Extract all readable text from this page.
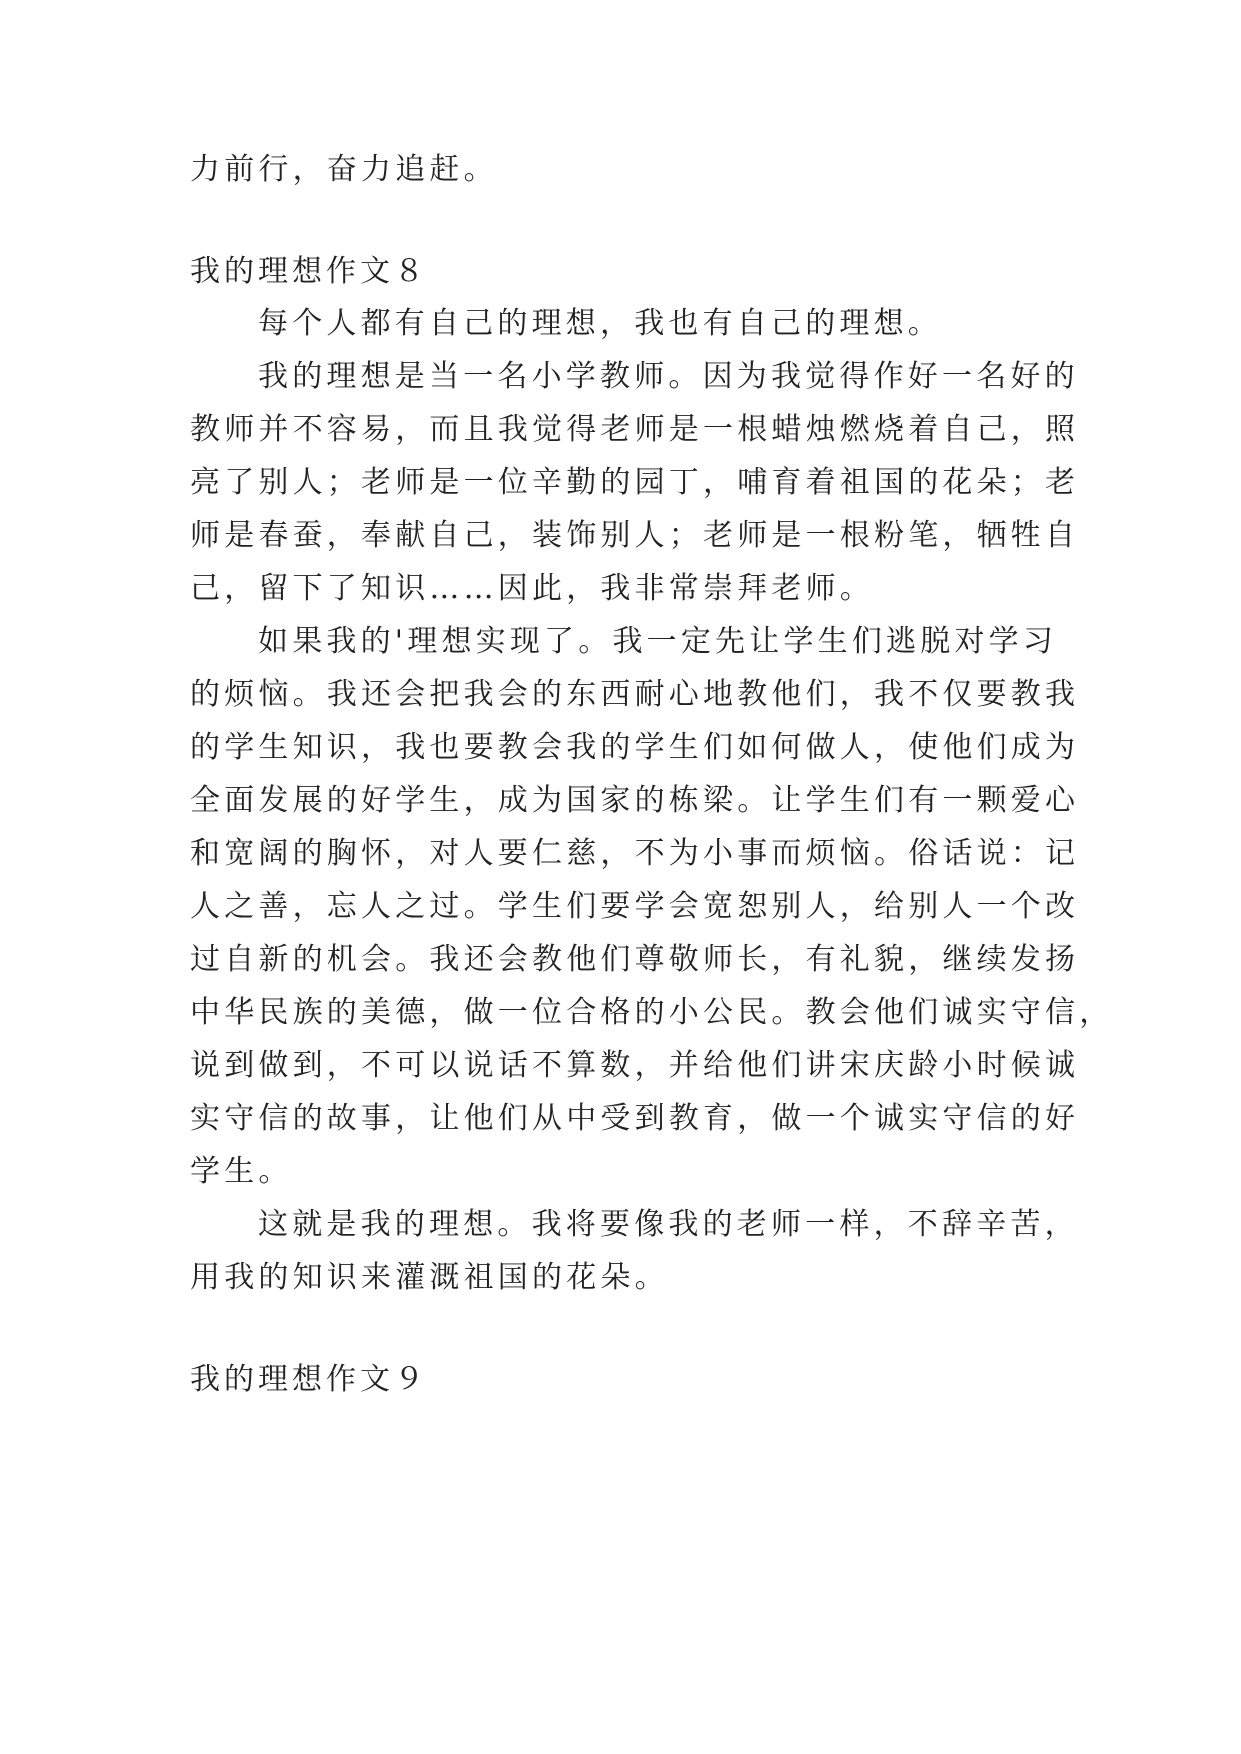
力前行，奋力追赶。
我的理想作文８
每个人都有自己的理想，我也有自己的理想。
我的理想是当一名小学教师。因为我觉得作好一名好的
教师并不容易，而且我觉得老师是一根蜡烛燃烧着自己，照
亮了别人；老师是一位辛勤的园丁，哺育着祖国的花朵；老
师是春蚕，奉献自己，装饰别人；老师是一根粉笔，牺牲自
己，留下了知识……因此，我非常崇拜老师。
如果我的'理想实现了。我一定先让学生们逃脱对学习
的烦恼。我还会把我会的东西耐心地教他们，我不仅要教我
的学生知识，我也要教会我的学生们如何做人，使他们成为
全面发展的好学生，成为国家的栋梁。让学生们有一颗爱心
和宽阔的胸怀，对人要仁慈，不为小事而烦恼。俗话说：记
人之善，忘人之过。学生们要学会宽恕别人，给别人一个改
过自新的机会。我还会教他们尊敬师长，有礼貌，继续发扬
中华民族的美德，做一位合格的小公民。教会他们诚实守信，
说到做到，不可以说话不算数，并给他们讲宋庆龄小时候诚
实守信的故事，让他们从中受到教育，做一个诚实守信的好
学生。
这就是我的理想。我将要像我的老师一样，不辞辛苦，
用我的知识来灌溉祖国的花朵。
我的理想作文９
